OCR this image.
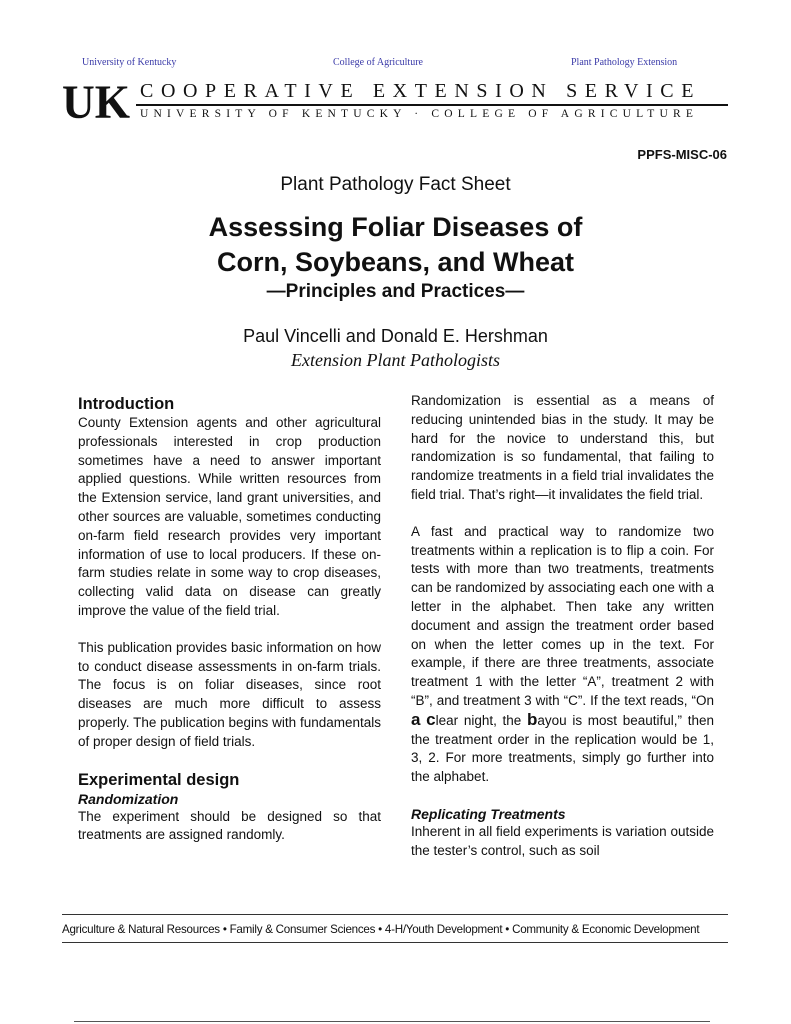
University of Kentucky	College of Agriculture	Plant Pathology Extension
UK COOPERATIVE EXTENSION SERVICE
UNIVERSITY OF KENTUCKY · COLLEGE OF AGRICULTURE
PPFS-MISC-06
Plant Pathology Fact Sheet
Assessing Foliar Diseases of
Corn, Soybeans, and Wheat
—Principles and Practices—
Paul Vincelli and Donald E. Hershman
Extension Plant Pathologists
Introduction

County Extension agents and other agricultural professionals interested in crop production sometimes have a need to answer important applied questions. While written resources from the Extension service, land grant universities, and other sources are valuable, sometimes conducting on-farm field research provides very important information of use to local producers. If these on-farm studies relate in some way to crop diseases, collecting valid data on disease can greatly improve the value of the field trial.

This publication provides basic information on how to conduct disease assessments in on-farm trials. The focus is on foliar diseases, since root diseases are much more difficult to assess properly. The publication begins with fundamentals of proper design of field trials.

Experimental design
Randomization

The experiment should be designed so that treatments are assigned randomly.

Randomization is essential as a means of reducing unintended bias in the study. It may be hard for the novice to understand this, but randomization is so fundamental, that failing to randomize treatments in a field trial invalidates the field trial. That’s right—it invalidates the field trial.

A fast and practical way to randomize two treatments within a replication is to flip a coin. For tests with more than two treatments, treatments can be randomized by associating each one with a letter in the alphabet. Then take any written document and assign the treatment order based on when the letter comes up in the text. For example, if there are three treatments, associate treatment 1 with the letter “A”, treatment 2 with “B”, and treatment 3 with “C”. If the text reads, “On a clear night, the bayou is most beautiful,” then the treatment order in the replication would be 1, 3, 2. For more treatments, simply go further into the alphabet.

Replicating Treatments

Inherent in all field experiments is variation outside the tester’s control, such as soil

Agriculture & Natural Resources • Family & Consumer Sciences • 4-H/Youth Development • Community & Economic Development
